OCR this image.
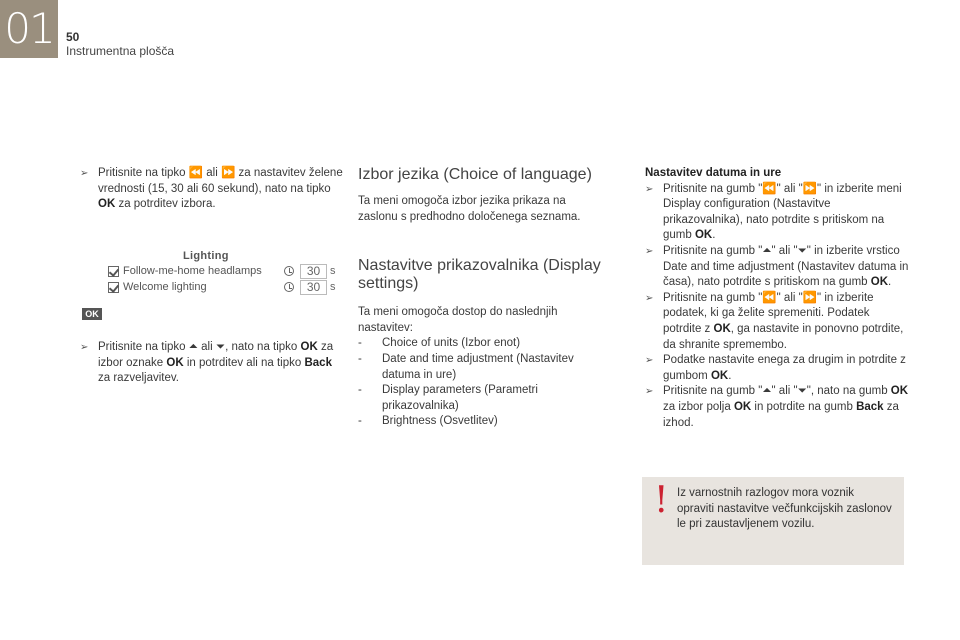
01	50
Instrumentna plošča
➢ Pritisnite na tipko ⏪ ali ⏩ za nastavitev želene vrednosti (15, 30 ali 60 sekund), nato na tipko OK za potrditev izbora.
➢ Pritisnite na tipko ⏶ ali ⏷, nato na tipko OK za izbor oznake OK in potrditev ali na tipko Back za razveljavitev.
Lighting
Follow-me-home headlamps	30 s
Welcome lighting	30 s
OK
Izbor jezika (Choice of language)

Ta meni omogoča izbor jezika prikaza na zaslonu s predhodno določenega seznama.

Nastavitve prikazovalnika (Display settings)

Ta meni omogoča dostop do naslednjih nastavitev:

- Choice of units (Izbor enot)
- Date and time adjustment (Nastavitev datuma in ure)
- Display parameters (Parametri prikazovalnika)
- Brightness (Osvetlitev)
Nastavitev datuma in ure
➢ Pritisnite na gumb "⏪" ali "⏩" in izberite meni Display configuration (Nastavitve prikazovalnika), nato potrdite s pritiskom na gumb OK.
➢ Pritisnite na gumb "⏶" ali "⏷" in izberite vrstico Date and time adjustment (Nastavitev datuma in časa), nato potrdite s pritiskom na gumb OK.
➢ Pritisnite na gumb "⏪" ali "⏩" in izberite podatek, ki ga želite spremeniti. Podatek potrdite z OK, ga nastavite in ponovno potrdite, da shranite spremembo.
➢ Podatke nastavite enega za drugim in potrdite z gumbom OK.
➢ Pritisnite na gumb "⏶" ali "⏷", nato na gumb OK za izbor polja OK in potrdite na gumb Back za izhod.
! Iz varnostnih razlogov mora voznik opraviti nastavitve večfunkcijskih zaslonov le pri zaustavljenem vozilu.
